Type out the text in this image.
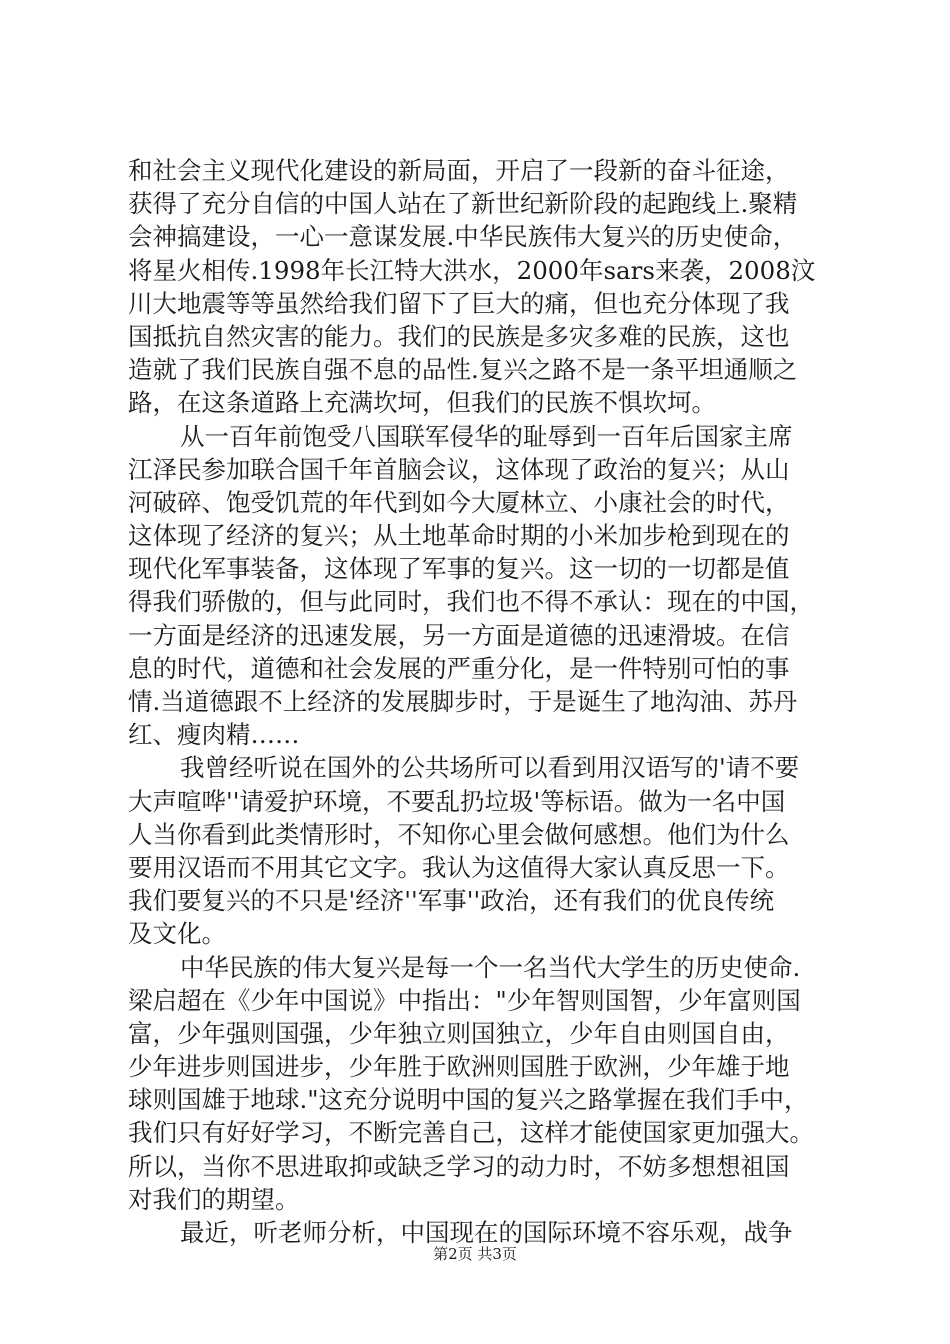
和社会主义现代化建设的新局面，开启了一段新的奋斗征途，
获得了充分自信的中国人站在了新世纪新阶段的起跑线上.聚精
会神搞建设，一心一意谋发展.中华民族伟大复兴的历史使命，
将星火相传.1998年长江特大洪水，2000年sars来袭，2008汶
川大地震等等虽然给我们留下了巨大的痛，但也充分体现了我
国抵抗自然灾害的能力。我们的民族是多灾多难的民族，这也
造就了我们民族自强不息的品性.复兴之路不是一条平坦通顺之
路，在这条道路上充满坎坷，但我们的民族不惧坎坷。
从一百年前饱受八国联军侵华的耻辱到一百年后国家主席
江泽民参加联合国千年首脑会议，这体现了政治的复兴；从山
河破碎、饱受饥荒的年代到如今大厦林立、小康社会的时代，
这体现了经济的复兴；从土地革命时期的小米加步枪到现在的
现代化军事装备，这体现了军事的复兴。这一切的一切都是值
得我们骄傲的，但与此同时，我们也不得不承认：现在的中国，
一方面是经济的迅速发展，另一方面是道德的迅速滑坡。在信
息的时代，道德和社会发展的严重分化，是一件特别可怕的事
情.当道德跟不上经济的发展脚步时，于是诞生了地沟油、苏丹
红、瘦肉精……
我曾经听说在国外的公共场所可以看到用汉语写的'请不要
大声喧哗''请爱护环境，不要乱扔垃圾'等标语。做为一名中国
人当你看到此类情形时，不知你心里会做何感想。他们为什么
要用汉语而不用其它文字。我认为这值得大家认真反思一下。
我们要复兴的不只是'经济''军事''政治，还有我们的优良传统
及文化。
中华民族的伟大复兴是每一个一名当代大学生的历史使命.
梁启超在《少年中国说》中指出："少年智则国智，少年富则国
富，少年强则国强，少年独立则国独立，少年自由则国自由，
少年进步则国进步，少年胜于欧洲则国胜于欧洲，少年雄于地
球则国雄于地球."这充分说明中国的复兴之路掌握在我们手中，
我们只有好好学习，不断完善自己，这样才能使国家更加强大。
所以，当你不思进取抑或缺乏学习的动力时，不妨多想想祖国
对我们的期望。
最近，听老师分析，中国现在的国际环境不容乐观，战争
第2页 共3页
